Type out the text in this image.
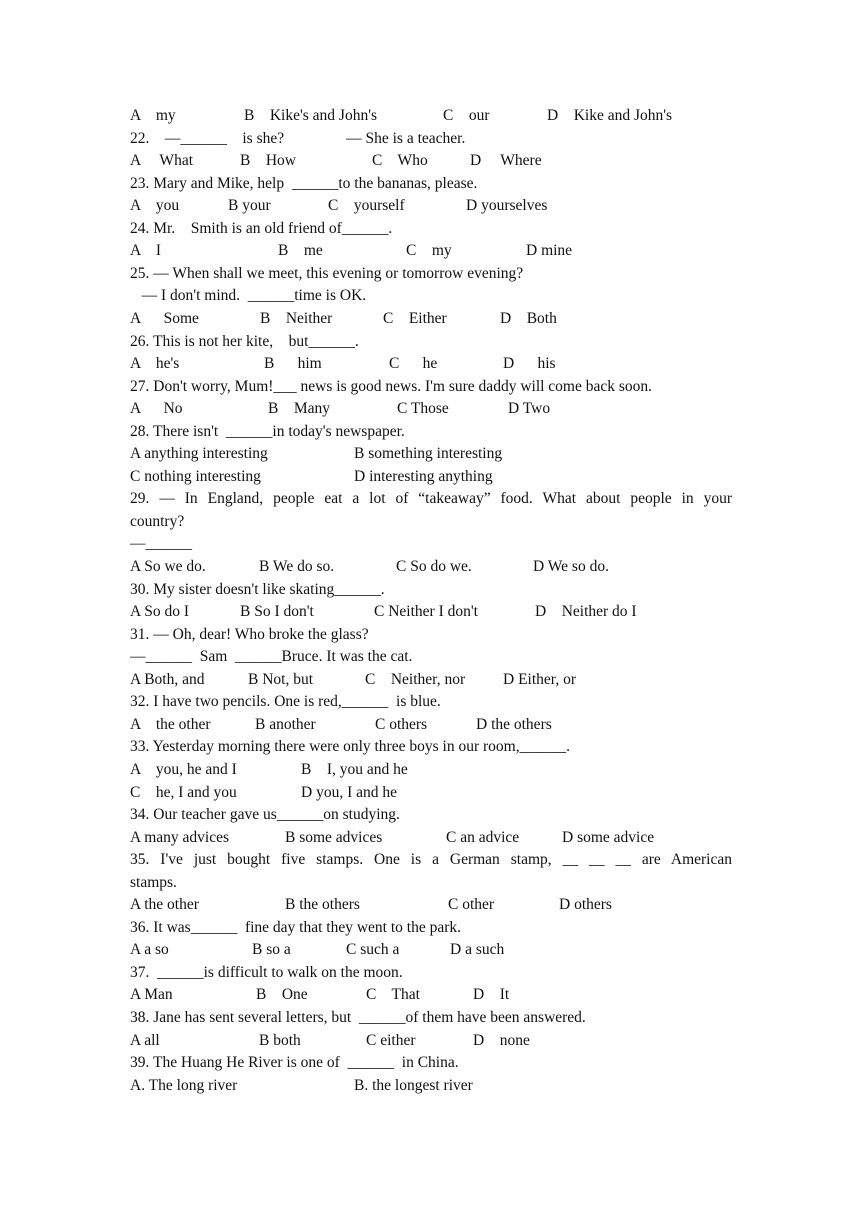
A    my	B    Kike's and John's	C    our	D    Kike and John's
22.    —______    is she?                — She is a teacher.
A     What	B    How	C    Who	D     Where
23. Mary and Mike, help  ______to the bananas, please.
A    you	B your	C    yourself	D yourselves
24. Mr.    Smith is an old friend of______.
A    I	B    me	C    my	D mine
25. — When shall we meet, this evening or tomorrow evening?
— I don't mind.  ______time is OK.
A      Some	B    Neither	C    Either	D    Both
26. This is not her kite,    but______.
A    he's	B      him	C      he	D      his
27. Don't worry, Mum!___ news is good news. I'm sure daddy will come back soon.
A      No	B    Many	C Those	D Two
28. There isn't  ______in today's newspaper.
A anything interesting	B something interesting
C nothing interesting	D interesting anything
29. — In England, people eat a lot of “takeaway” food. What about people in your
country?
—______
A So we do.	B We do so.	C So do we.	D We so do.
30. My sister doesn't like skating______.
A So do I	B So I don't	C Neither I don't	D    Neither do I
31. — Oh, dear! Who broke the glass?
—______  Sam  ______Bruce. It was the cat.
A Both, and	B Not, but	C    Neither, nor D Either, or
32. I have two pencils. One is red,______  is blue.
A    the other	B another	C others	D the others
33. Yesterday morning there were only three boys in our room,______.
A    you, he and I	B    I, you and he
C    he, I and you	D you, I and he
34. Our teacher gave us______on studying.
A many advices	B some advices	C an advice	D some advice
35. I've just bought five stamps. One is a German stamp, __ __ __ are American
stamps.
A the other	B the others	C other	D others
36. It was______  fine day that they went to the park.
A a so	B so a	C such a	D a such
37.  ______is difficult to walk on the moon.
A Man	B    One	C    That	D    It
38. Jane has sent several letters, but  ______of them have been answered.
A all	B both	C either	D    none
39. The Huang He River is one of  ______  in China.
A. The long river	B. the longest river
